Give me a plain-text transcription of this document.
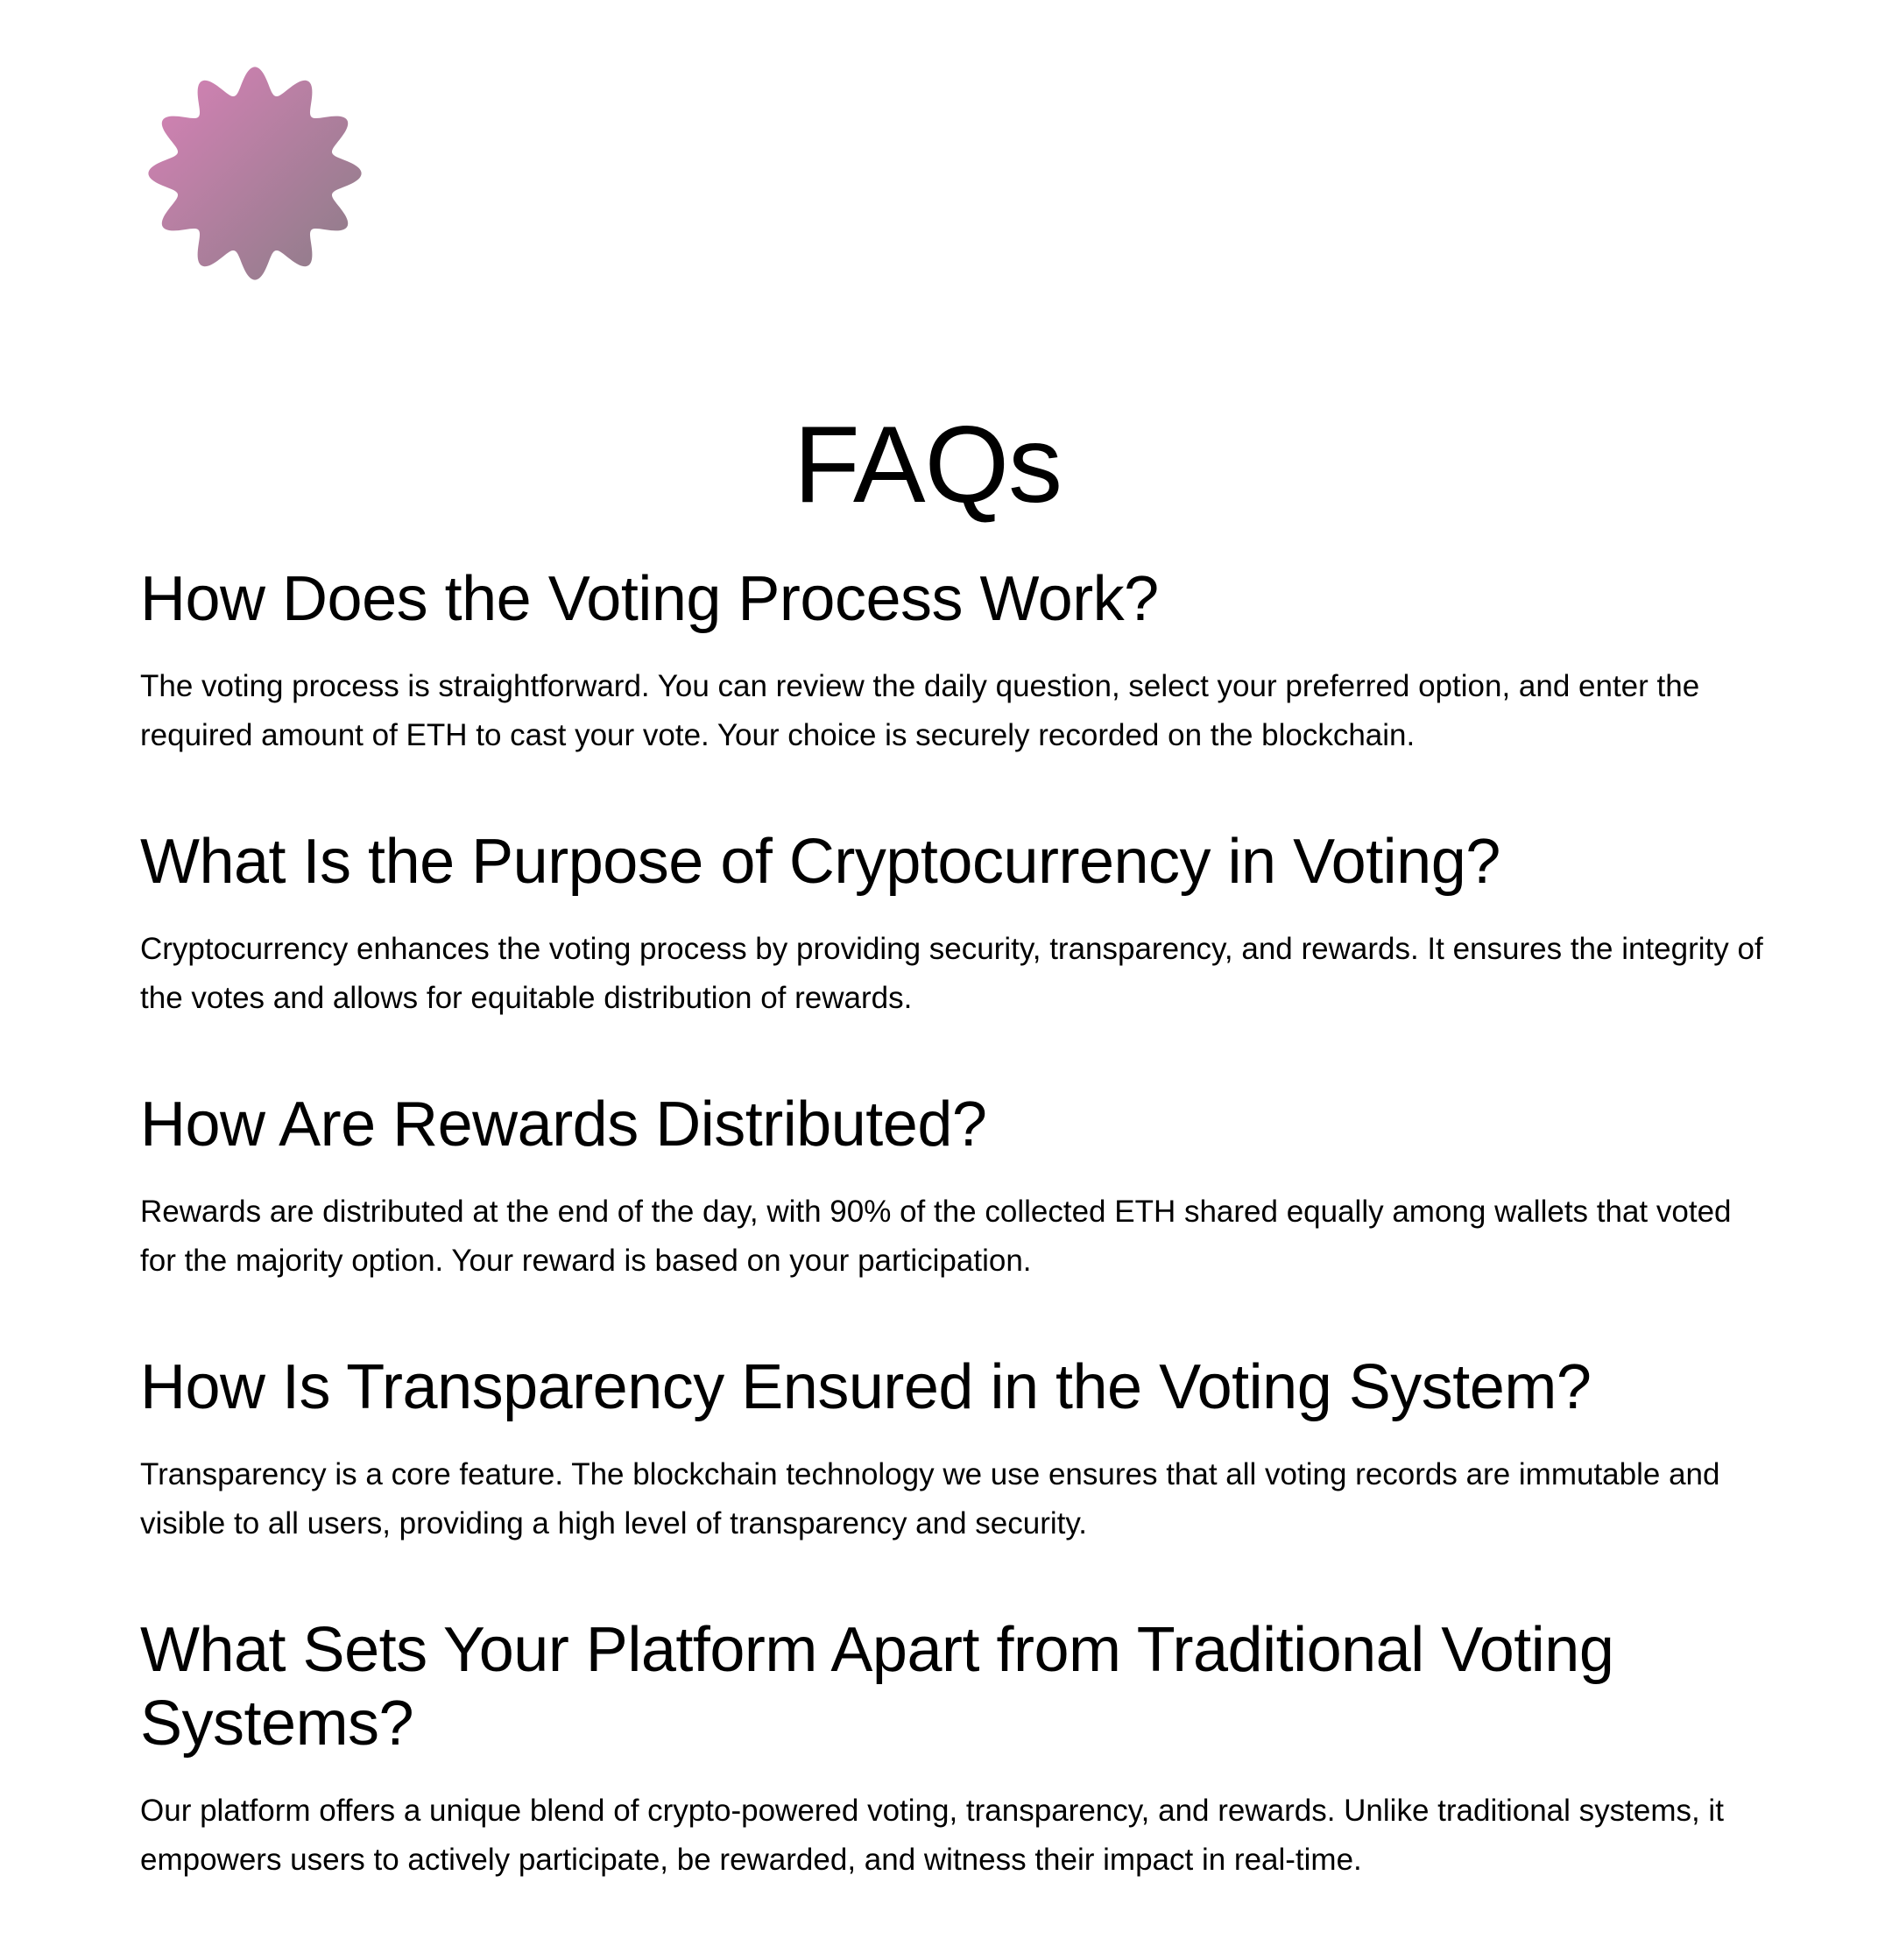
FAQs
How Does the Voting Process Work?

The voting process is straightforward. You can review the daily question, select your preferred option, and enter the required amount of ETH to cast your vote. Your choice is securely recorded on the blockchain.

What Is the Purpose of Cryptocurrency in Voting?

Cryptocurrency enhances the voting process by providing security, transparency, and rewards. It ensures the integrity of the votes and allows for equitable distribution of rewards.

How Are Rewards Distributed?

Rewards are distributed at the end of the day, with 90% of the collected ETH shared equally among wallets that voted for the majority option. Your reward is based on your participation.

How Is Transparency Ensured in the Voting System?

Transparency is a core feature. The blockchain technology we use ensures that all voting records are immutable and visible to all users, providing a high level of transparency and security.

What Sets Your Platform Apart from Traditional Voting Systems?

Our platform offers a unique blend of crypto-powered voting, transparency, and rewards. Unlike traditional systems, it empowers users to actively participate, be rewarded, and witness their impact in real-time.
